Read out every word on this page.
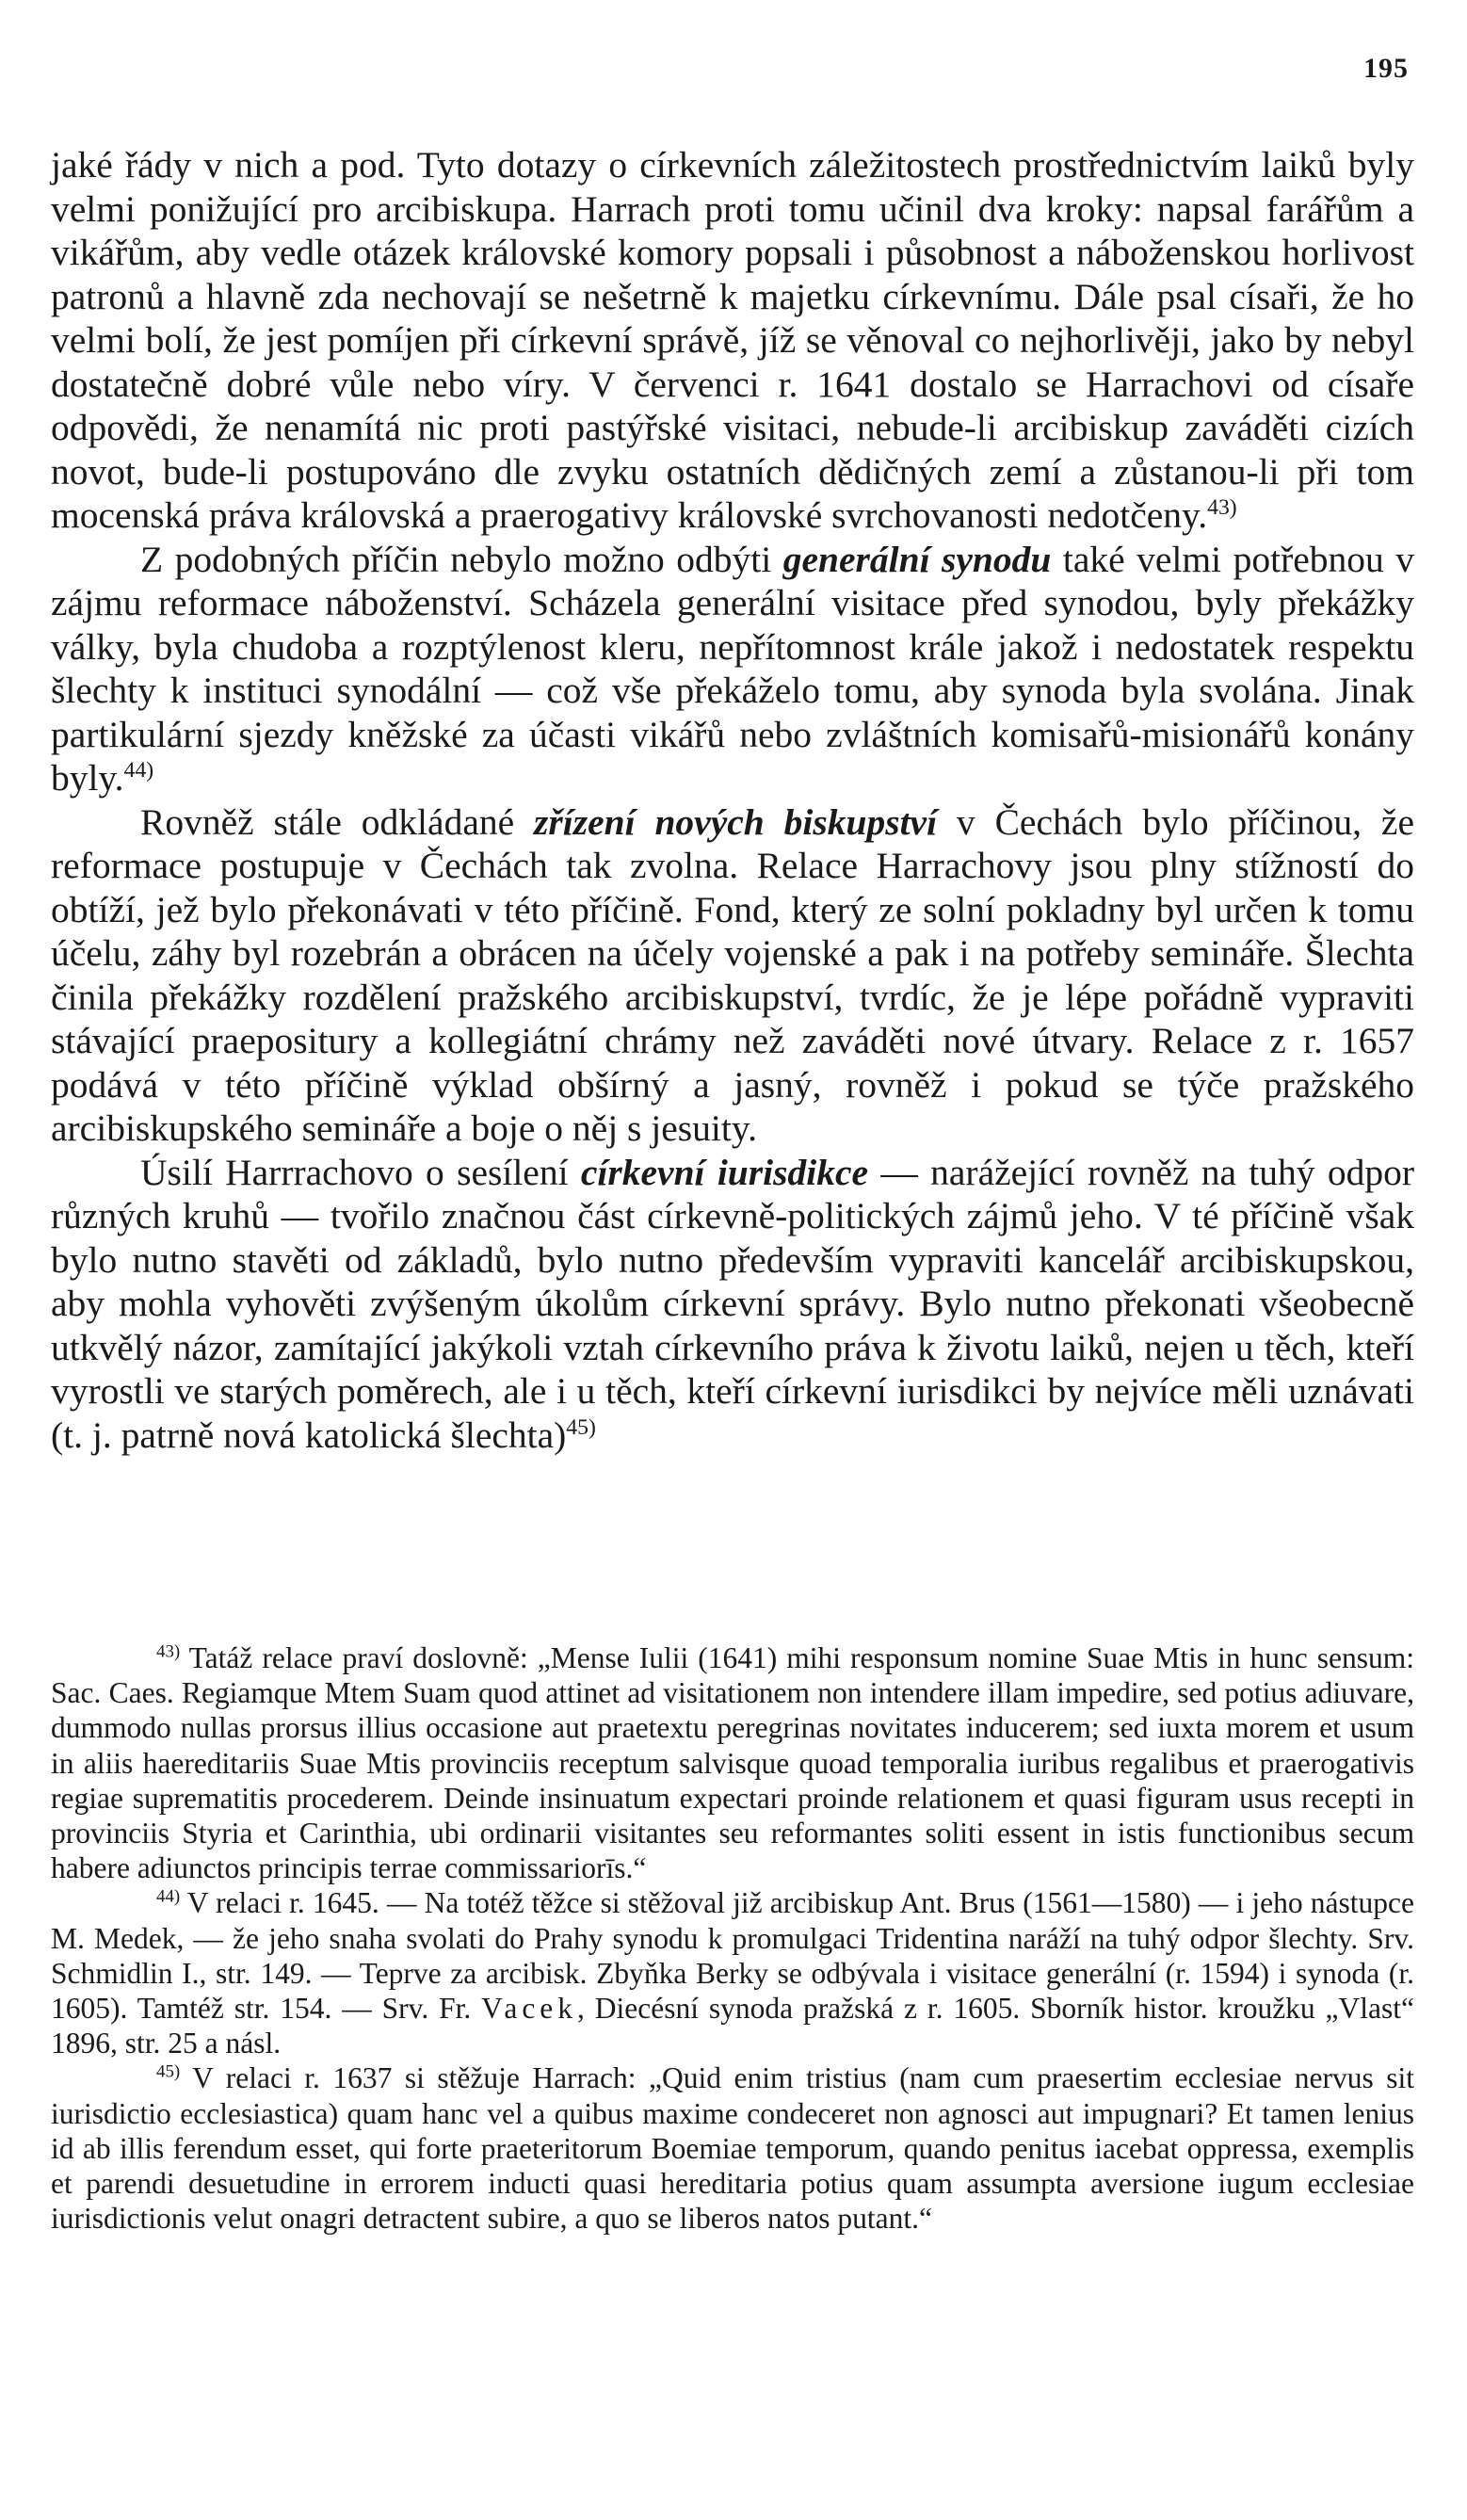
195

jaké řády v nich a pod. Tyto dotazy o církevních záležitostech prostřednictvím laiků byly velmi ponižující pro arcibiskupa. Harrach proti tomu učinil dva kroky: napsal farářům a vikářům, aby vedle otázek královské komory popsali i působnost a náboženskou horlivost patronů a hlavně zda nechovají se nešetrně k majetku církevnímu. Dále psal císaři, že ho velmi bolí, že jest pomíjen při církevní správě, jíž se věnoval co nejhorlivěji, jako by nebyl dostatečně dobré vůle nebo víry. V červenci r. 1641 dostalo se Harrachovi od císaře odpovědi, že nenamítá nic proti pastýřské visitaci, nebude-li arcibiskup zaváděti cizích novot, bude-li postupováno dle zvyku ostatních dědičných zemí a zůstanou-li při tom mocenská práva královská a praerogativy královské svrchovanosti nedotčeny.$^{43)}$

Z podobných příčin nebylo možno odbýti generální synodu také velmi potřebnou v zájmu reformace náboženství. Scházela generální visitace před synodou, byly překážky války, byla chudoba a rozptýlenost kleru, nepřítomnost krále jakož i nedostatek respektu šlechty k instituci synodální — což vše překáželo tomu, aby synoda byla svolána. Jinak partikulární sjezdy kněžské za účasti vikářů nebo zvláštních komisařů-misionářů konány byly.$^{44)}$

Rovněž stále odkládané zřízení nových biskupství v Čechách bylo příčinou, že reformace postupuje v Čechách tak zvolna. Relace Harrachovy jsou plny stížností do obtíží, jež bylo překonávati v této příčině. Fond, který ze solní pokladny byl určen k tomu účelu, záhy byl rozebrán a obrácen na účely vojenské a pak i na potřeby semináře. Šlechta činila překážky rozdělení pražského arcibiskupství, tvrdíc, že je lépe pořádně vypraviti stávající praepositury a kollegiátní chrámy než zaváděti nové útvary. Relace z r. 1657 podává v této příčině výklad obšírný a jasný, rovněž i pokud se týče pražského arcibiskupského semináře a boje o něj s jesuity.

Úsilí Harrrachovo o sesílení církevní iurisdikce — narážející rovněž na tuhý odpor různých kruhů — tvořilo značnou část církevně-politických zájmů jeho. V té příčině však bylo nutno stavěti od základů, bylo nutno především vypraviti kancelář arcibiskupskou, aby mohla vyhověti zvýšeným úkolům církevní správy. Bylo nutno překonati všeobecně utkvělý názor, zamítající jakýkoli vztah církevního práva k životu laiků, nejen u těch, kteří vyrostli ve starých poměrech, ale i u těch, kteří církevní iurisdikci by nejvíce měli uznávati (t. j. patrně nová katolická šlechta)$^{45)}$

$^{43)}$ Tatáž relace praví doslovně: „Mense Iulii (1641) mihi responsum nomine Suae Mtis in hunc sensum: Sac. Caes. Regiamque Mtem Suam quod attinet ad visitationem non intendere illam impedire, sed potius adiuvare, dummodo nullas prorsus illius occasione aut praetextu peregrinas novitates inducerem; sed iuxta morem et usum in aliis haereditariis Suae Mtis provinciis receptum salvisque quoad temporalia iuribus regalibus et praerogativis regiae suprematitis procederem. Deinde insinuatum expectari proinde relationem et quasi figuram usus recepti in provinciis Styria et Carinthia, ubi ordinarii visitantes seu reformantes soliti essent in istis functionibus secum habere adiunctos principis terrae commissariorīs.“

$^{44)}$ V relaci r. 1645. — Na totéž těžce si stěžoval již arcibiskup Ant. Brus (1561—1580) — i jeho nástupce M. Medek, — že jeho snaha svolati do Prahy synodu k promulgaci Tridentina naráží na tuhý odpor šlechty. Srv. Schmidlin I., str. 149. — Teprve za arcibisk. Zbyňka Berky se odbývala i visitace generální (r. 1594) i synoda (r. 1605). Tamtéž str. 154. — Srv. Fr. Vacek, Diecésní synoda pražská z r. 1605. Sborník histor. kroužku „Vlast“ 1896, str. 25 a násl.

$^{45)}$ V relaci r. 1637 si stěžuje Harrach: „Quid enim tristius (nam cum praesertim ecclesiae nervus sit iurisdictio ecclesiastica) quam hanc vel a quibus maxime condeceret non agnosci aut impugnari? Et tamen lenius id ab illis ferendum esset, qui forte praeteritorum Boemiae temporum, quando penitus iacebat oppressa, exemplis et parendi desuetudine in errorem inducti quasi hereditaria potius quam assumpta aversione iugum ecclesiae iurisdictionis velut onagri detractent subire, a quo se liberos natos putant.“
